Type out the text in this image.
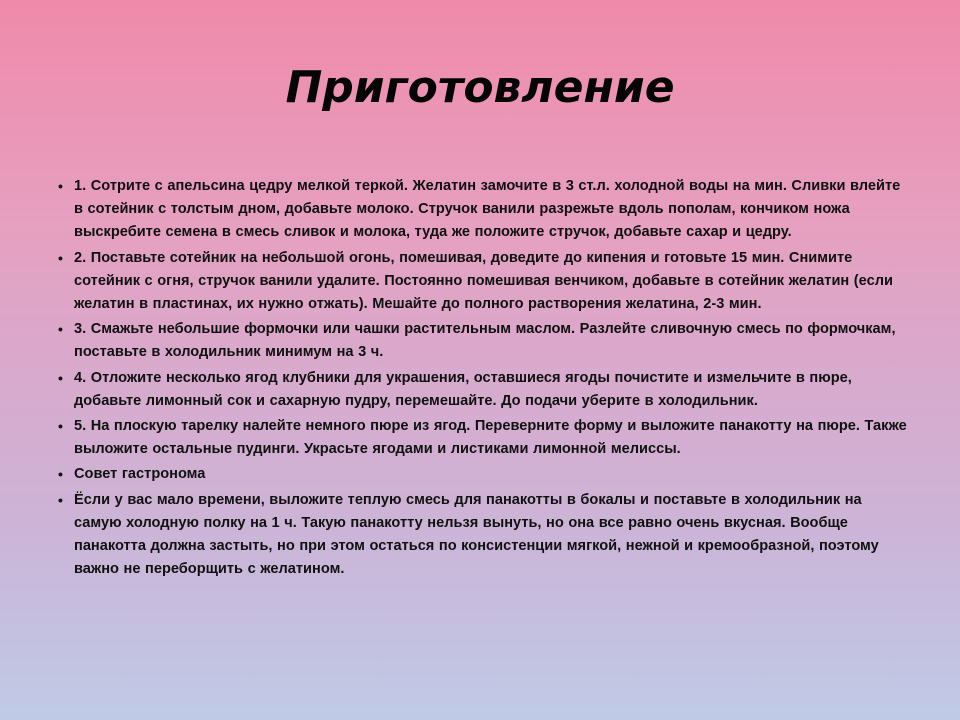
Приготовление
• 1. Сотрите с апельсина цедру мелкой теркой. Желатин замочите в 3 ст.л. холодной воды на мин. Сливки влейте в сотейник с толстым дном, добавьте молоко. Стручок ванили разрежьте вдоль пополам, кончиком ножа выскребите семена в смесь сливок и молока, туда же положите стручок, добавьте сахар и цедру.
• 2. Поставьте сотейник на небольшой огонь, помешивая, доведите до кипения и готовьте 15 мин. Снимите сотейник с огня, стручок ванили удалите. Постоянно помешивая венчиком, добавьте в сотейник желатин (если желатин в пластинах, их нужно отжать). Мешайте до полного растворения желатина, 2-3 мин.
• 3. Смажьте небольшие формочки или чашки растительным маслом. Разлейте сливочную смесь по формочкам, поставьте в холодильник минимум на 3 ч.
• 4. Отложите несколько ягод клубники для украшения, оставшиеся ягоды почистите и измельчите в пюре, добавьте лимонный сок и сахарную пудру, перемешайте. До подачи уберите в холодильник.
• 5. На плоскую тарелку налейте немного пюре из ягод. Переверните форму и выложите панакотту на пюре. Также выложите остальные пудинги. Украсьте ягодами и листиками лимонной мелиссы.
• Совет гастронома
• Ёсли у вас мало времени, выложите теплую смесь для панакотты в бокалы и поставьте в холодильник на самую холодную полку на 1 ч. Такую панакотту нельзя вынуть, но она все равно очень вкусная. Вообще панакотта должна застыть, но при этом остаться по консистенции мягкой, нежной и кремообразной, поэтому важно не переборщить с желатином.
